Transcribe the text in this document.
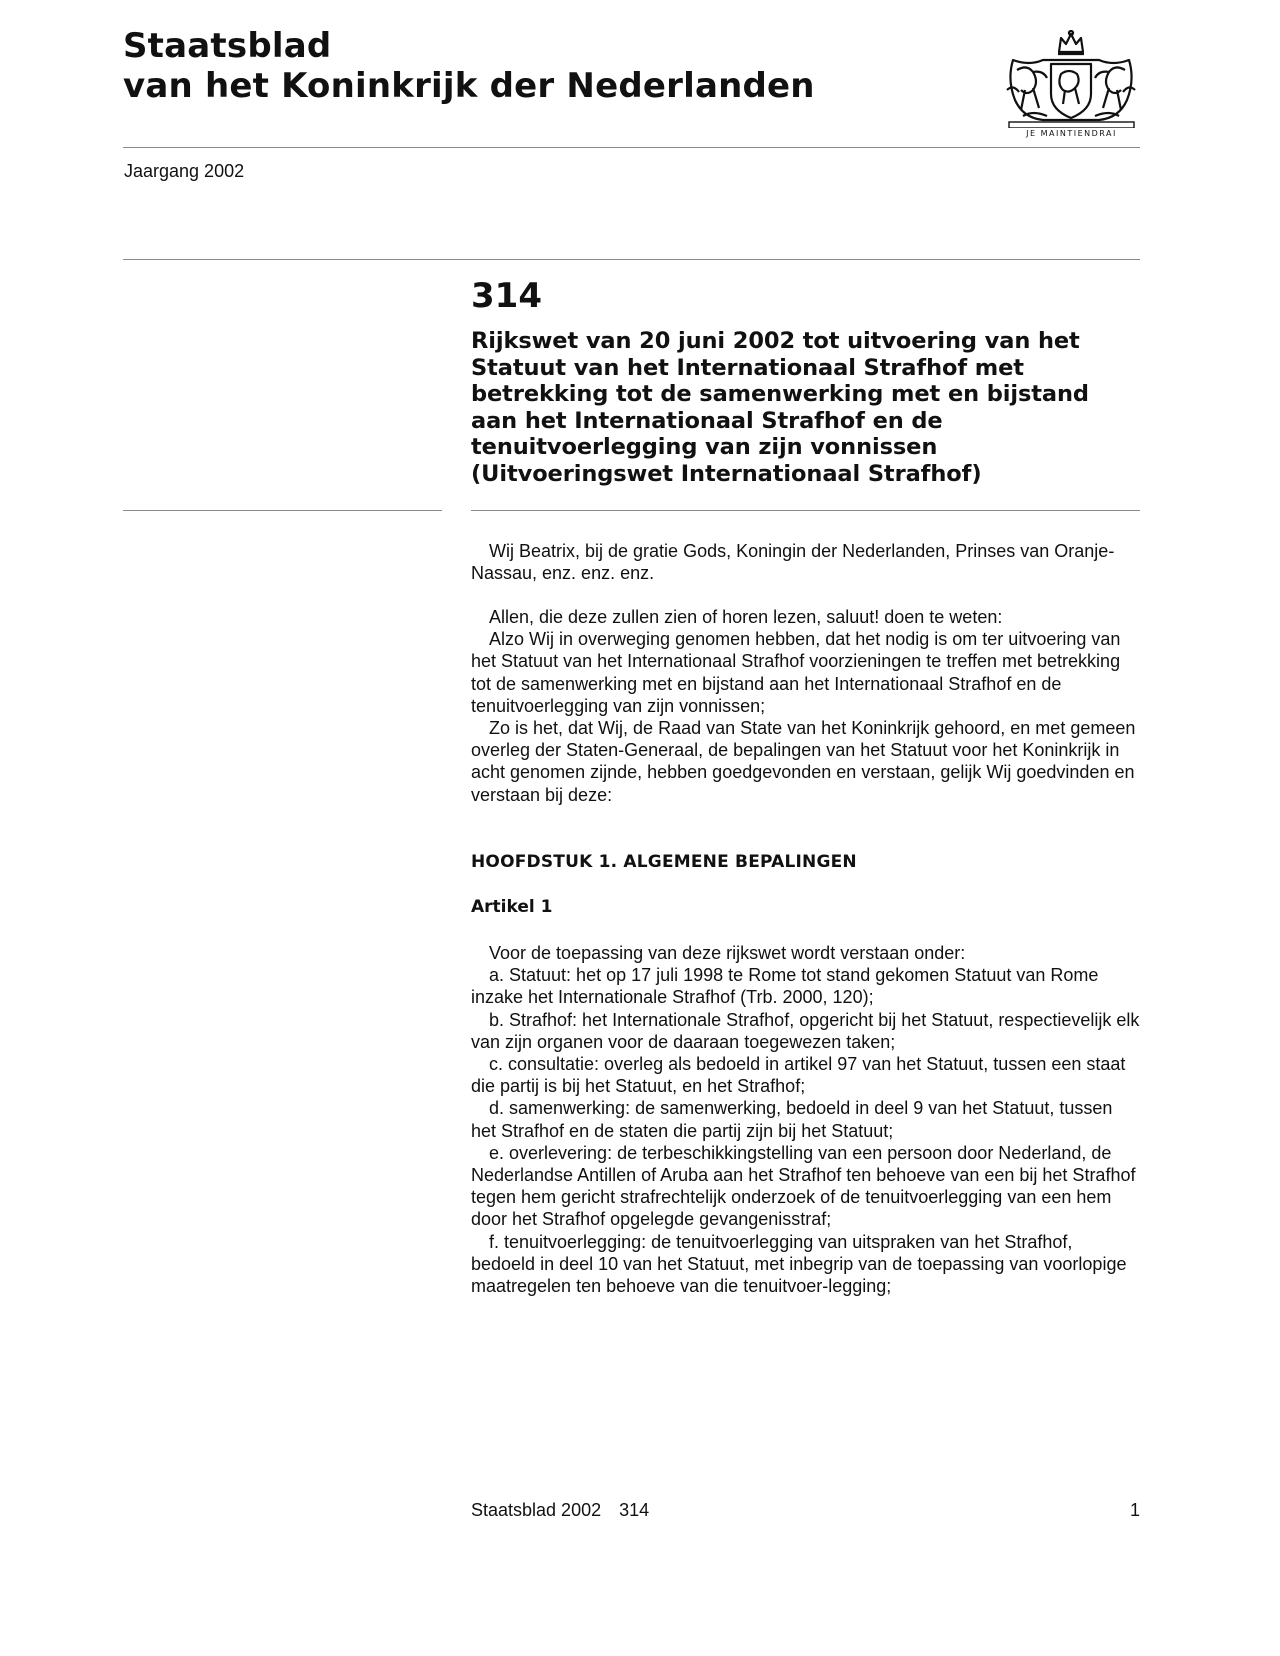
Staatsblad
van het Koninkrijk der Nederlanden
JE MAINTIENDRAI
Jaargang 2002
314
Rijkswet van 20 juni 2002 tot uitvoering van het
Statuut van het Internationaal Strafhof met
betrekking tot de samenwerking met en bijstand
aan het Internationaal Strafhof en de
tenuitvoerlegging van zijn vonnissen
(Uitvoeringswet Internationaal Strafhof)

Wij Beatrix, bij de gratie Gods, Koningin der Nederlanden, Prinses van Oranje-Nassau, enz. enz. enz.

Allen, die deze zullen zien of horen lezen, saluut! doen te weten:

Alzo Wij in overweging genomen hebben, dat het nodig is om ter uitvoering van het Statuut van het Internationaal Strafhof voorzieningen te treffen met betrekking tot de samenwerking met en bijstand aan het Internationaal Strafhof en de tenuitvoerlegging van zijn vonnissen;

Zo is het, dat Wij, de Raad van State van het Koninkrijk gehoord, en met gemeen overleg der Staten-Generaal, de bepalingen van het Statuut voor het Koninkrijk in acht genomen zijnde, hebben goedgevonden en verstaan, gelijk Wij goedvinden en verstaan bij deze:

HOOFDSTUK 1. ALGEMENE BEPALINGEN
Artikel 1

Voor de toepassing van deze rijkswet wordt verstaan onder:

a. Statuut: het op 17 juli 1998 te Rome tot stand gekomen Statuut van Rome inzake het Internationale Strafhof (Trb. 2000, 120);

b. Strafhof: het Internationale Strafhof, opgericht bij het Statuut, respectievelijk elk van zijn organen voor de daaraan toegewezen taken;

c. consultatie: overleg als bedoeld in artikel 97 van het Statuut, tussen een staat die partij is bij het Statuut, en het Strafhof;

d. samenwerking: de samenwerking, bedoeld in deel 9 van het Statuut, tussen het Strafhof en de staten die partij zijn bij het Statuut;

e. overlevering: de terbeschikkingstelling van een persoon door Nederland, de Nederlandse Antillen of Aruba aan het Strafhof ten behoeve van een bij het Strafhof tegen hem gericht strafrechtelijk onderzoek of de tenuitvoerlegging van een hem door het Strafhof opgelegde gevangenisstraf;

f. tenuitvoerlegging: de tenuitvoerlegging van uitspraken van het Strafhof, bedoeld in deel 10 van het Statuut, met inbegrip van de toepassing van voorlopige maatregelen ten behoeve van die tenuitvoer-legging;

Staatsblad 2002 314	1
